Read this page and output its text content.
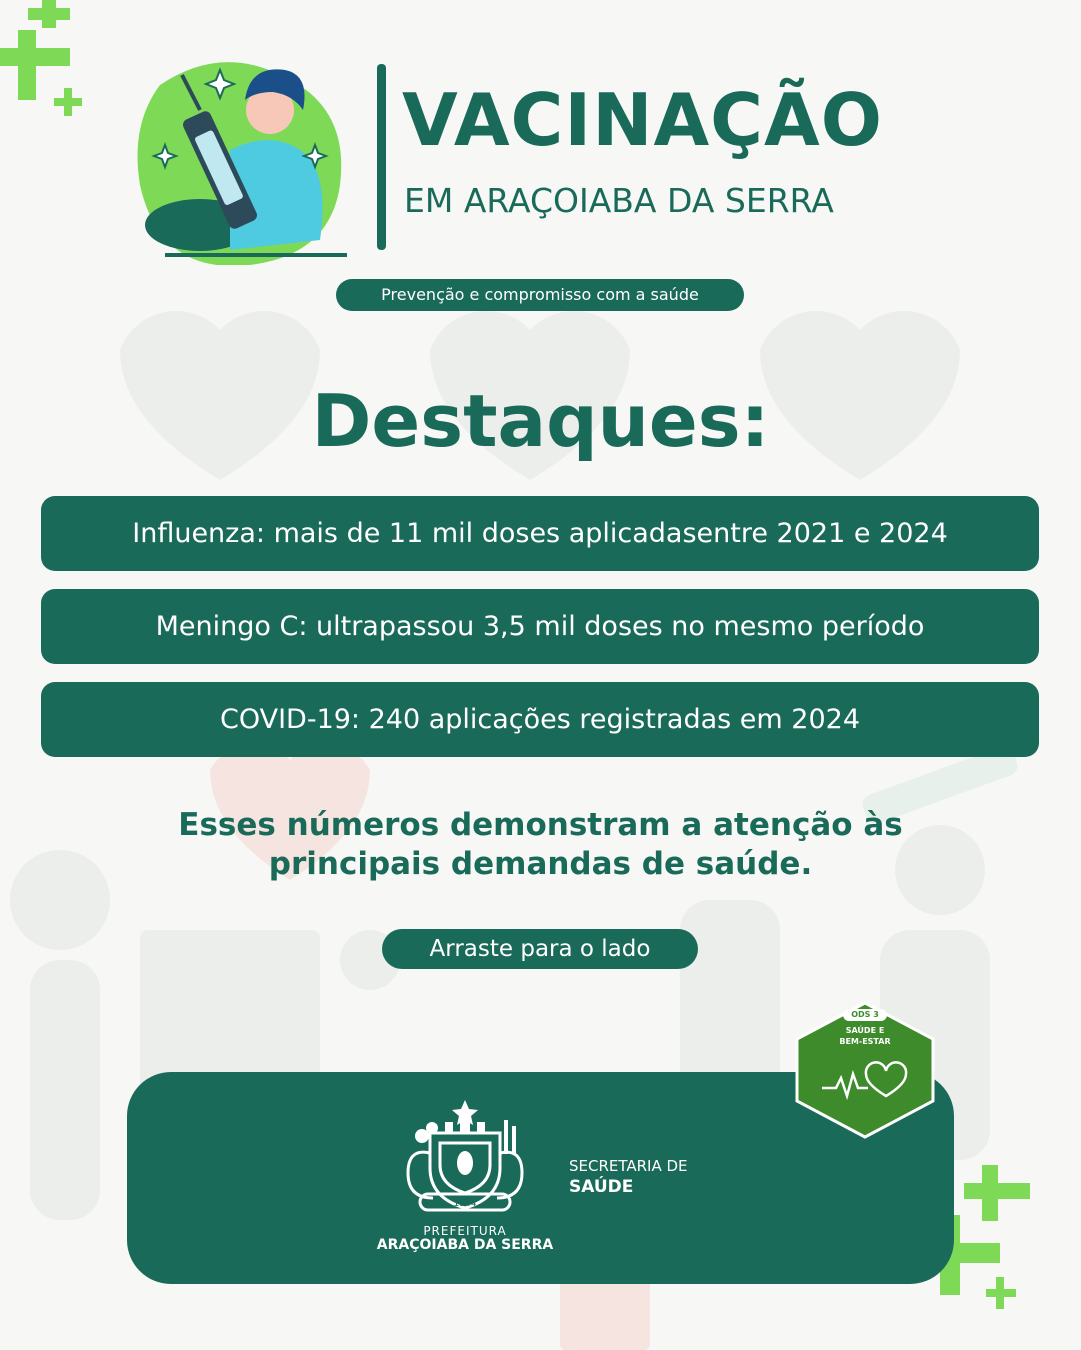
VACINAÇÃO
EM ARAÇOIABA DA SERRA
Prevenção e compromisso com a saúde
Destaques:
Influenza: mais de 11 mil doses aplicadasentre 2021 e 2024
Meningo C: ultrapassou 3,5 mil doses no mesmo período
COVID-19: 240 aplicações registradas em 2024
Esses números demonstram a atenção às
principais demandas de saúde.
Arraste para o lado
1944
PREFEITURA
ARAÇOIABA DA SERRA
SECRETARIA DE
SAÚDE
ODS 3
SAÚDE E
BEM-ESTAR
